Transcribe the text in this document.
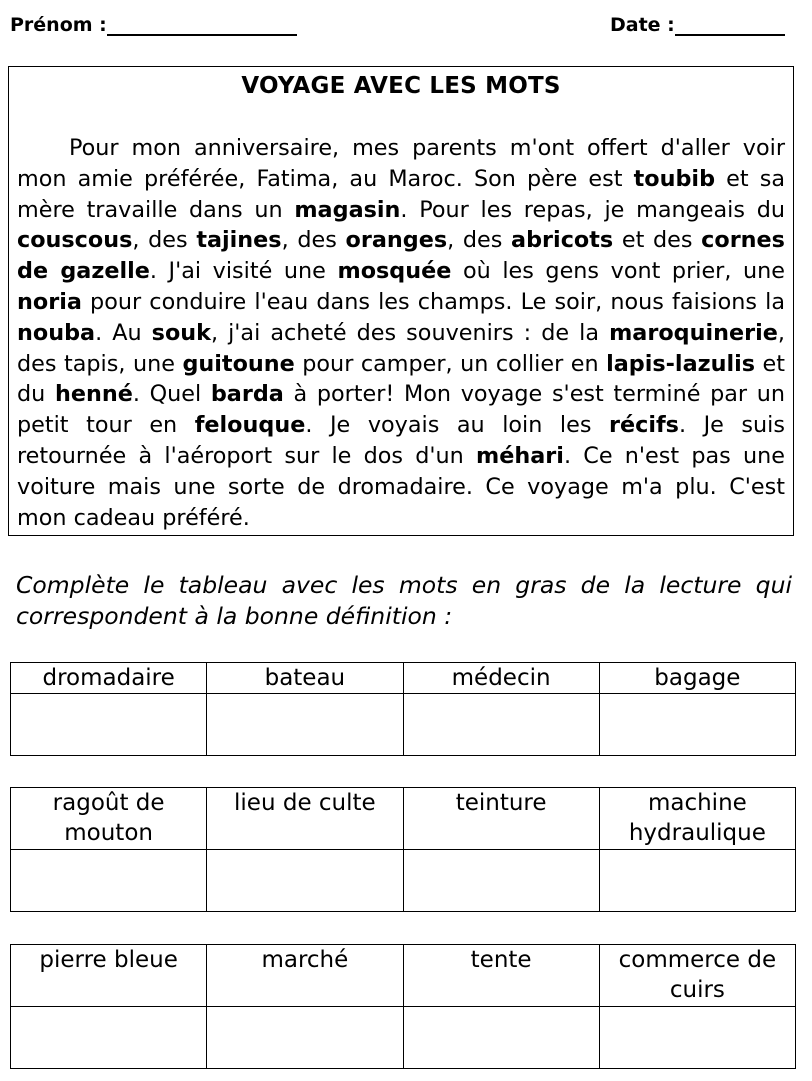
Prénom :	Date :
VOYAGE AVEC LES MOTS
Pour mon anniversaire, mes parents m'ont offert d'aller voir mon amie préférée, Fatima, au Maroc. Son père est toubib et sa mère travaille dans un magasin. Pour les repas, je mangeais du couscous, des tajines, des oranges, des abricots et des cornes de gazelle. J'ai visité une mosquée où les gens vont prier, une noria pour conduire l'eau dans les champs. Le soir, nous faisions la nouba. Au souk, j'ai acheté des souvenirs : de la maroquinerie, des tapis, une guitoune pour camper, un collier en lapis-lazulis et du henné. Quel barda à porter! Mon voyage s'est terminé par un petit tour en felouque. Je voyais au loin les récifs. Je suis retournée à l'aéroport sur le dos d'un méhari. Ce n'est pas une voiture mais une sorte de dromadaire. Ce voyage m'a plu. C'est mon cadeau préféré.
Complète le tableau avec les mots en gras de la lecture qui correspondent à la bonne définition :
dromadaire	bateau	médecin	bagage

ragoût de mouton	lieu de culte	teinture	machine hydraulique

pierre bleue	marché	tente	commerce de cuirs
